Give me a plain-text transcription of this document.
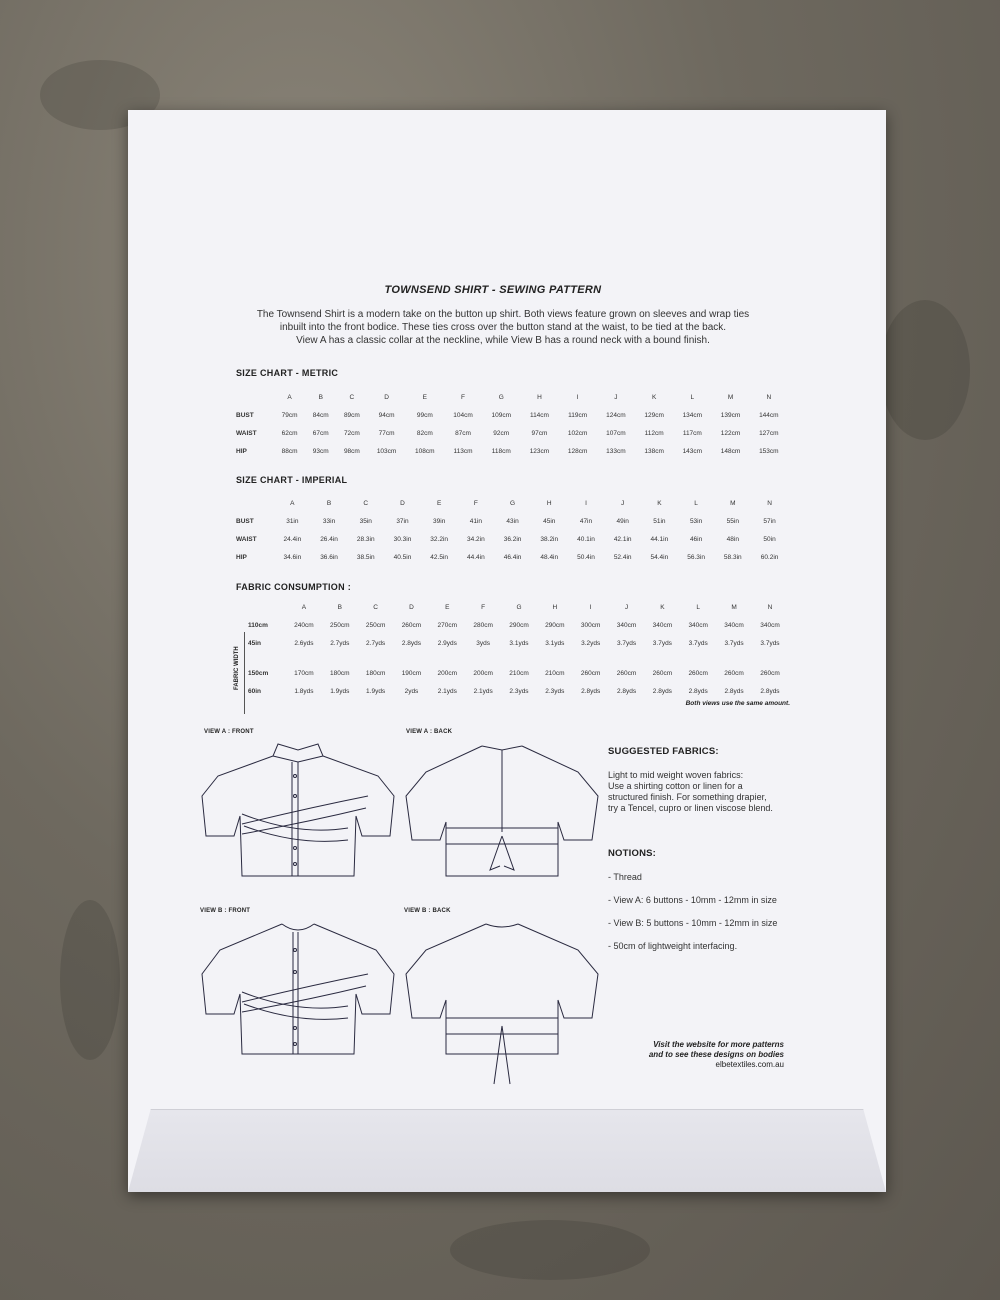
TOWNSEND SHIRT - SEWING PATTERN
The Townsend Shirt is a modern take on the button up shirt. Both views feature grown on sleeves and wrap ties
inbuilt into the front bodice. These ties cross over the button stand at the waist, to be tied at the back.
View A has a classic collar at the neckline, while View B has a round neck with a bound finish.
SIZE CHART - METRIC
	A	B	C	D	E	F	G	H	I	J	K	L	M	N
BUST	79cm	84cm	89cm	94cm	99cm	104cm	109cm	114cm	119cm	124cm	129cm	134cm	139cm	144cm
WAIST	62cm	67cm	72cm	77cm	82cm	87cm	92cm	97cm	102cm	107cm	112cm	117cm	122cm	127cm
HIP	88cm	93cm	98cm	103cm	108cm	113cm	118cm	123cm	128cm	133cm	138cm	143cm	148cm	153cm
SIZE CHART - IMPERIAL
	A	B	C	D	E	F	G	H	I	J	K	L	M	N
BUST	31in	33in	35in	37in	39in	41in	43in	45in	47in	49in	51in	53in	55in	57in
WAIST	24.4in	26.4in	28.3in	30.3in	32.2in	34.2in	36.2in	38.2in	40.1in	42.1in	44.1in	46in	48in	50in
HIP	34.6in	36.6in	38.5in	40.5in	42.5in	44.4in	46.4in	48.4in	50.4in	52.4in	54.4in	56.3in	58.3in	60.2in
FABRIC CONSUMPTION :
FABRIC WIDTH
	A	B	C	D	E	F	G	H	I	J	K	L	M	N
110cm	240cm	250cm	250cm	260cm	270cm	280cm	290cm	290cm	300cm	340cm	340cm	340cm	340cm	340cm
45in	2.6yds	2.7yds	2.7yds	2.8yds	2.9yds	3yds	3.1yds	3.1yds	3.2yds	3.7yds	3.7yds	3.7yds	3.7yds	3.7yds

150cm	170cm	180cm	180cm	190cm	200cm	200cm	210cm	210cm	260cm	260cm	260cm	260cm	260cm	260cm
60in	1.8yds	1.9yds	1.9yds	2yds	2.1yds	2.1yds	2.3yds	2.3yds	2.8yds	2.8yds	2.8yds	2.8yds	2.8yds	2.8yds
Both views use the same amount.
VIEW A : FRONT	VIEW A : BACK
VIEW B : FRONT	VIEW B : BACK
SUGGESTED FABRICS:
Light to mid weight woven fabrics:
Use a shirting cotton or linen for a
structured finish. For something drapier,
try a Tencel, cupro or linen viscose blend.
NOTIONS:
- Thread
- View A: 6 buttons - 10mm - 12mm in size
- View B: 5 buttons - 10mm - 12mm in size
- 50cm of lightweight interfacing.
Visit the website for more patterns
and to see these designs on bodies
elbetextiles.com.au
